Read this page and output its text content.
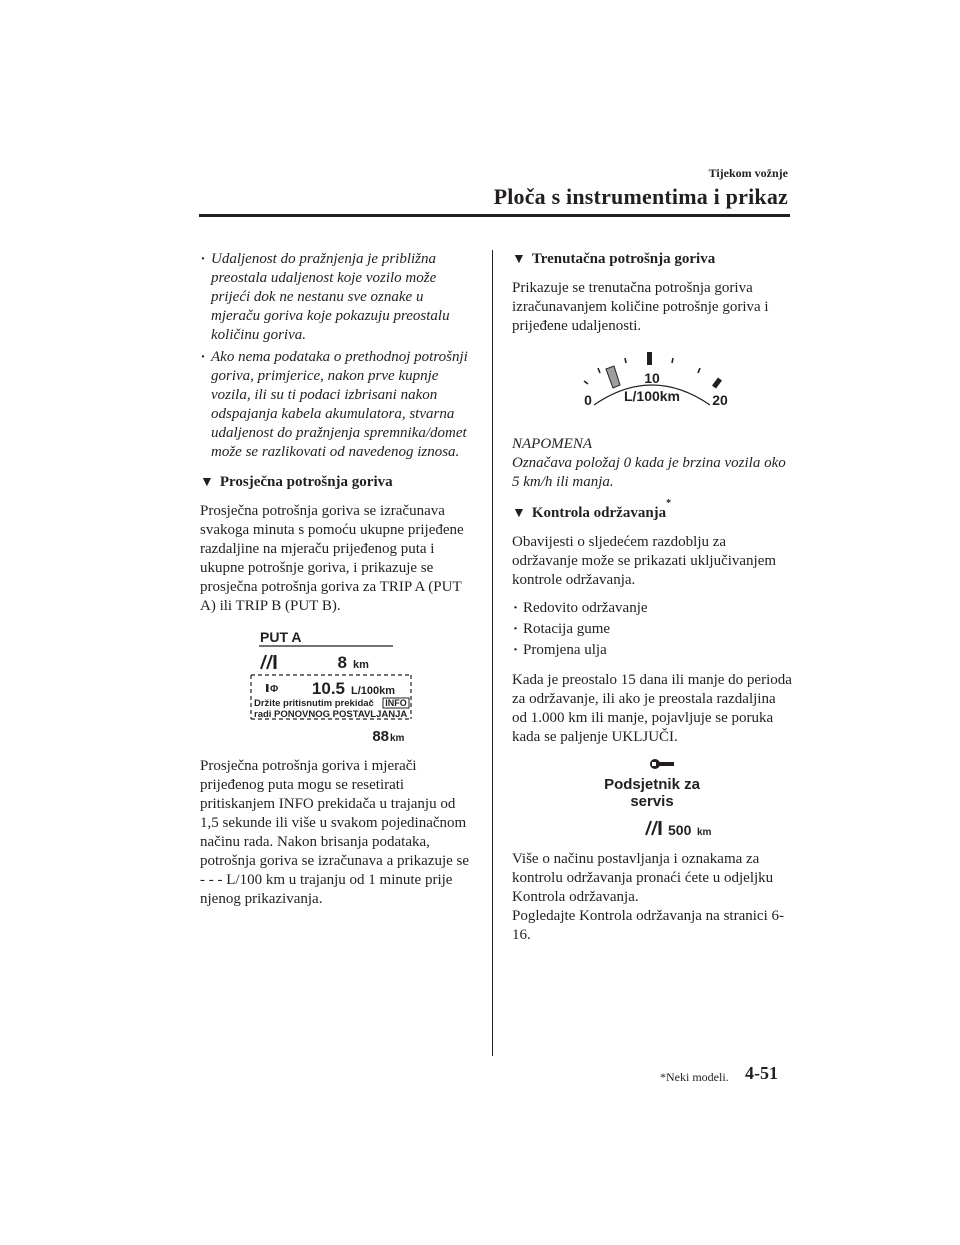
Tijekom vožnje
Ploča s instrumentima i prikaz
· Udaljenost do pražnjenja je približna preostala udaljenost koje vozilo može prijeći dok ne nestanu sve oznake u mjeraču goriva koje pokazuju preostalu količinu goriva.
· Ako nema podataka o prethodnoj potrošnji goriva, primjerice, nakon prve kupnje vozila, ili su ti podaci izbrisani nakon odspajanja kabela akumulatora, stvarna udaljenost do pražnjenja spremnika/domet može se razlikovati od navedenog iznosa.
▼ Prosječna potrošnja goriva

Prosječna potrošnja goriva se izračunava svakoga minuta s pomoću ukupne prijeđene razdaljine na mjeraču prijeđenog puta i ukupne potrošnje goriva, i prikazuje se prosječna potrošnja goriva za TRIP A (PUT A) ili TRIP B (PUT B).

PUT A
8 km
Φ 10.5 L/100km
Držite pritisnutim prekidač INFO
radi PONOVNOG POSTAVLJANJA
88 km

Prosječna potrošnja goriva i mjerači prijeđenog puta mogu se resetirati pritiskanjem INFO prekidača u trajanju od 1,5 sekunde ili više u svakom pojedinačnom načinu rada. Nakon brisanja podataka, potrošnja goriva se izračunava a prikazuje se - - - L/100 km u trajanju od 1 minute prije njenog prikazivanja.

▼ Trenutačna potrošnja goriva

Prikazuje se trenutačna potrošnja goriva izračunavanjem količine potrošnje goriva i prijeđene udaljenosti.

10
0 L/100km 20

NAPOMENA

Označava položaj 0 kada je brzina vozila oko 5 km/h ili manja.

▼ Kontrola održavanja
*

Obavijesti o sljedećem razdoblju za održavanje može se prikazati uključivanjem kontrole održavanja.

· Redovito održavanje
· Rotacija gume
· Promjena ulja

Kada je preostalo 15 dana ili manje do perioda za održavanje, ili ako je preostala razdaljina od 1.000 km ili manje, pojavljuje se poruka kada se paljenje UKLJUČI.

Podsjetnik za
servis
500 km

Više o načinu postavljanja i oznakama za kontrolu održavanja pronaći ćete u odjeljku Kontrola održavanja.

Pogledajte Kontrola održavanja na stranici 6-16.

*Neki modeli. 4-51
